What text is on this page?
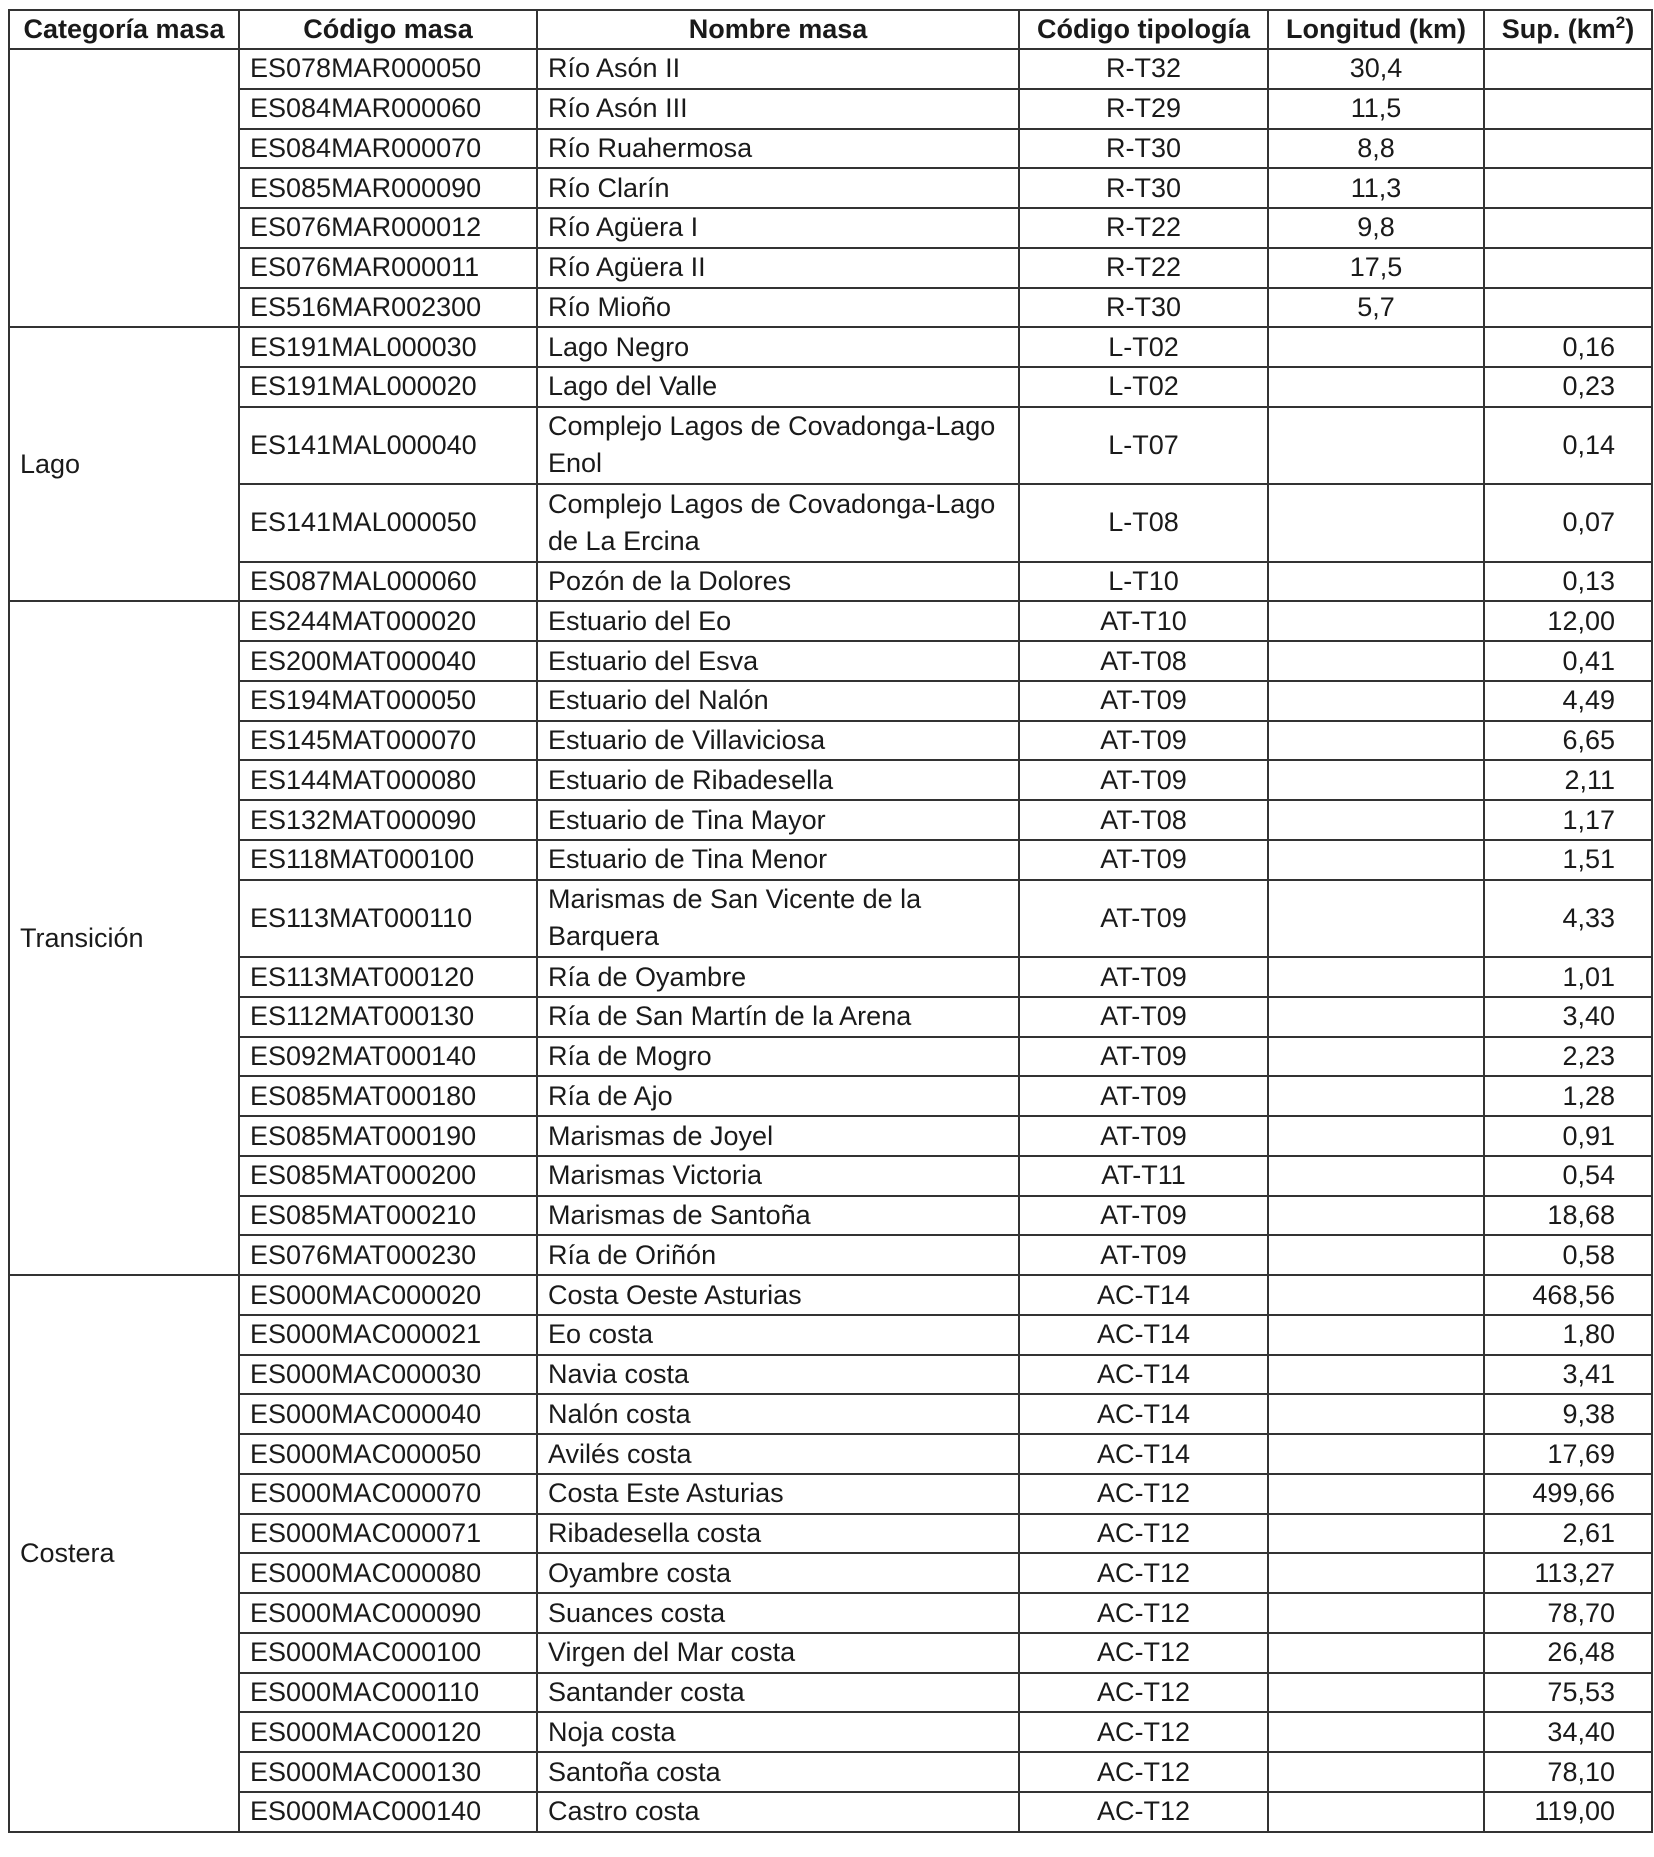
Categoría masa	Código masa	Nombre masa	Código tipología	Longitud (km)	Sup. $(km^2)$
	ES078MAR000050	Río Asón II	R-T32	30,4	
	ES084MAR000060	Río Asón III	R-T29	11,5	
	ES084MAR000070	Río Ruahermosa	R-T30	8,8	
	ES085MAR000090	Río Clarín	R-T30	11,3	
	ES076MAR000012	Río Agüera I	R-T22	9,8	
	ES076MAR000011	Río Agüera II	R-T22	17,5	
	ES516MAR002300	Río Mioño	R-T30	5,7	
Lago	ES191MAL000030	Lago Negro	L-T02		0,16
	ES191MAL000020	Lago del Valle	L-T02		0,23
	ES141MAL000040	Complejo Lagos de Covadonga-Lago Enol	L-T07		0,14
	ES141MAL000050	Complejo Lagos de Covadonga-Lago de La Ercina	L-T08		0,07
	ES087MAL000060	Pozón de la Dolores	L-T10		0,13
Transición	ES244MAT000020	Estuario del Eo	AT-T10		12,00
	ES200MAT000040	Estuario del Esva	AT-T08		0,41
	ES194MAT000050	Estuario del Nalón	AT-T09		4,49
	ES145MAT000070	Estuario de Villaviciosa	AT-T09		6,65
	ES144MAT000080	Estuario de Ribadesella	AT-T09		2,11
	ES132MAT000090	Estuario de Tina Mayor	AT-T08		1,17
	ES118MAT000100	Estuario de Tina Menor	AT-T09		1,51
	ES113MAT000110	Marismas de San Vicente de la Barquera	AT-T09		4,33
	ES113MAT000120	Ría de Oyambre	AT-T09		1,01
	ES112MAT000130	Ría de San Martín de la Arena	AT-T09		3,40
	ES092MAT000140	Ría de Mogro	AT-T09		2,23
	ES085MAT000180	Ría de Ajo	AT-T09		1,28
	ES085MAT000190	Marismas de Joyel	AT-T09		0,91
	ES085MAT000200	Marismas Victoria	AT-T11		0,54
	ES085MAT000210	Marismas de Santoña	AT-T09		18,68
	ES076MAT000230	Ría de Oriñón	AT-T09		0,58
Costera	ES000MAC000020	Costa Oeste Asturias	AC-T14		468,56
	ES000MAC000021	Eo costa	AC-T14		1,80
	ES000MAC000030	Navia costa	AC-T14		3,41
	ES000MAC000040	Nalón costa	AC-T14		9,38
	ES000MAC000050	Avilés costa	AC-T14		17,69
	ES000MAC000070	Costa Este Asturias	AC-T12		499,66
	ES000MAC000071	Ribadesella costa	AC-T12		2,61
	ES000MAC000080	Oyambre costa	AC-T12		113,27
	ES000MAC000090	Suances costa	AC-T12		78,70
	ES000MAC000100	Virgen del Mar costa	AC-T12		26,48
	ES000MAC000110	Santander costa	AC-T12		75,53
	ES000MAC000120	Noja costa	AC-T12		34,40
	ES000MAC000130	Santoña costa	AC-T12		78,10
	ES000MAC000140	Castro costa	AC-T12		119,00
